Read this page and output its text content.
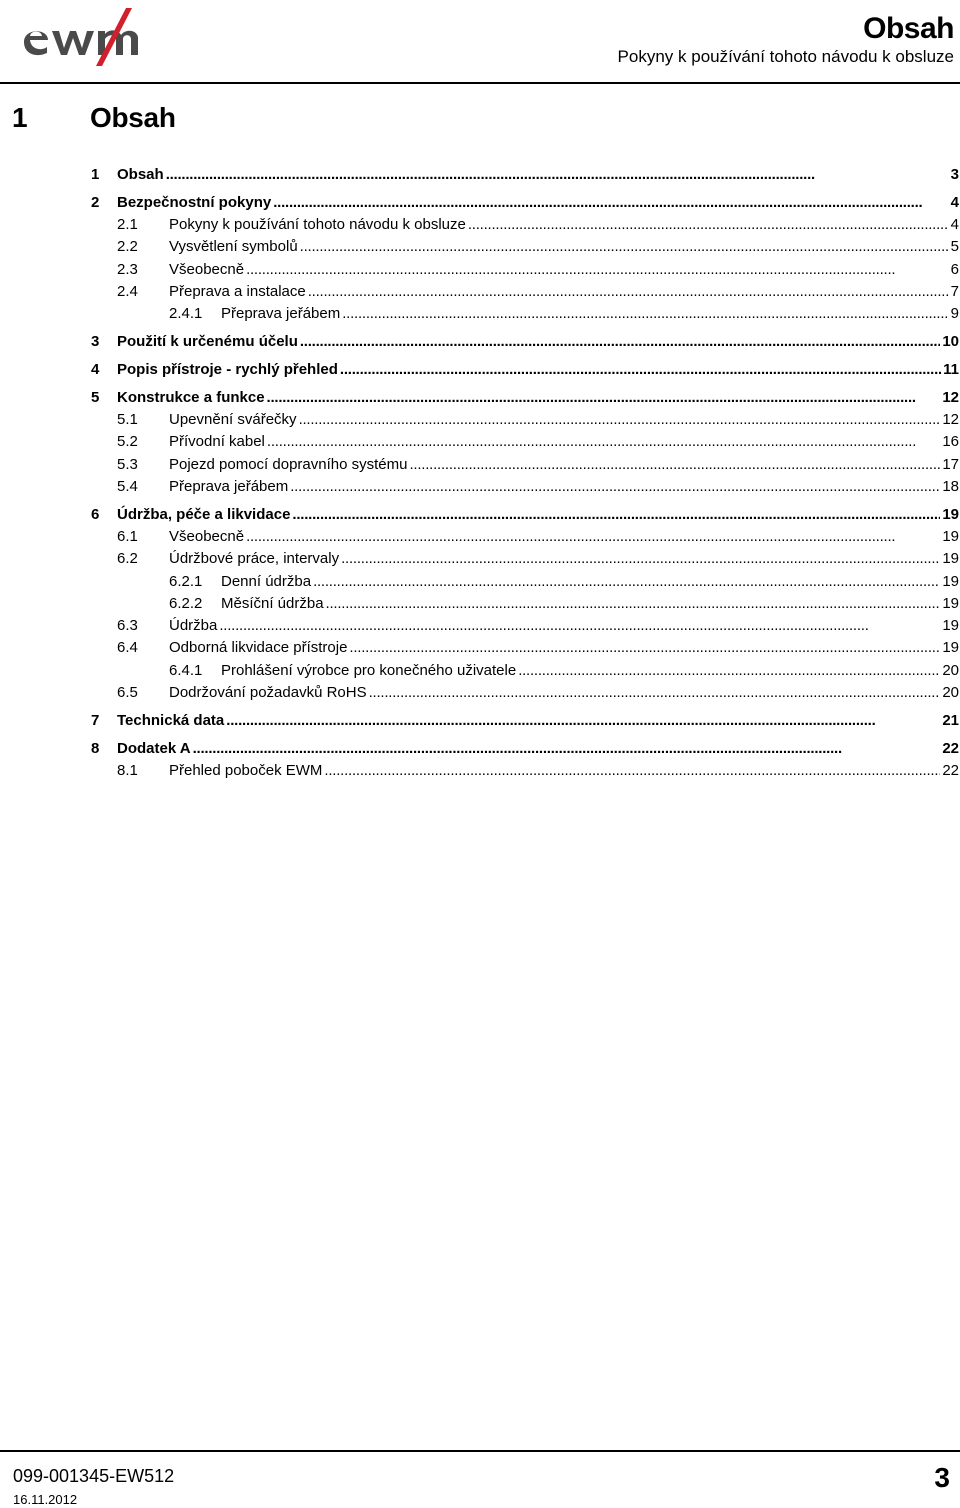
Obsah
Pokyny k používání tohoto návodu k obsluze
1	Obsah
1	Obsah . . .	3
2	Bezpečnostní pokyny . . .	4
2.1	Pokyny k používání tohoto návodu k obsluze . . .	4
2.2	Vysvětlení symbolů . . .	5
2.3	Všeobecně . . .	6
2.4	Přeprava a instalace . . .	7
2.4.1	Přeprava jeřábem . . .	9
3	Použití k určenému účelu . . .	10
4	Popis přístroje - rychlý přehled . . .	11
5	Konstrukce a funkce . . .	12
5.1	Upevnění svářečky . . .	12
5.2	Přívodní kabel . . .	16
5.3	Pojezd pomocí dopravního systému . . .	17
5.4	Přeprava jeřábem . . .	18
6	Údržba, péče a likvidace . . .	19
6.1	Všeobecně . . .	19
6.2	Údržbové práce, intervaly . . .	19
6.2.1	Denní údržba . . .	19
6.2.2	Měsíční údržba . . .	19
6.3	Údržba . . .	19
6.4	Odborná likvidace přístroje . . .	19
6.4.1	Prohlášení výrobce pro konečného uživatele . . .	20
6.5	Dodržování požadavků RoHS . . .	20
7	Technická data . . .	21
8	Dodatek A . . .	22
8.1	Přehled poboček EWM . . .	22
099-001345-EW512
16.11.2012
3
